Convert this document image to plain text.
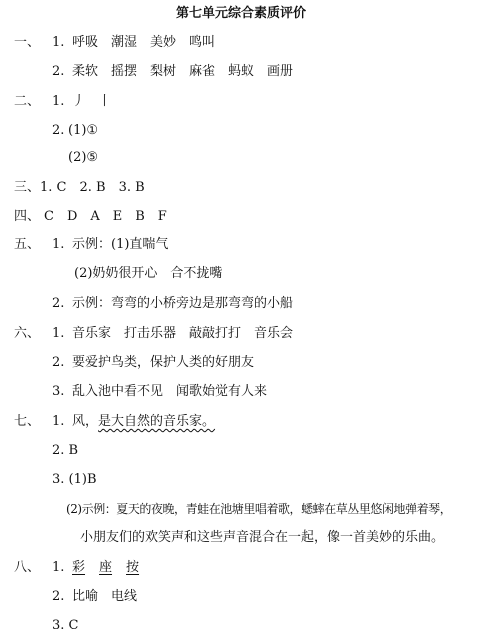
第七单元综合素质评价
一、 1. 呼吸　潮湿　美妙　鸣叫
2. 柔软　摇摆　梨树　麻雀　蚂蚁　画册
二、 1. 丿　丨
2. (1)①
(2)⑤
三、 1. C　2. B　3. B
四、 C　D　A　E　B　F
五、 1. 示例：(1)直喘气
(2)奶奶很开心　合不拢嘴
2. 示例：弯弯的小桥旁边是那弯弯的小船
六、 1. 音乐家　打击乐器　敲敲打打　音乐会
2. 要爱护鸟类，保护人类的好朋友
3. 乱入池中看不见　闻歌始觉有人来
七、 1. 风，是大自然的音乐家。
2. B
3. (1)B
(2)示例：夏天的夜晚，青蛙在池塘里唱着歌，蟋蟀在草丛里悠闲地弹着琴，
小朋友们的欢笑声和这些声音混合在一起，像一首美妙的乐曲。
八、 1. 彩 座 按
2. 比喻　电线
3. C
